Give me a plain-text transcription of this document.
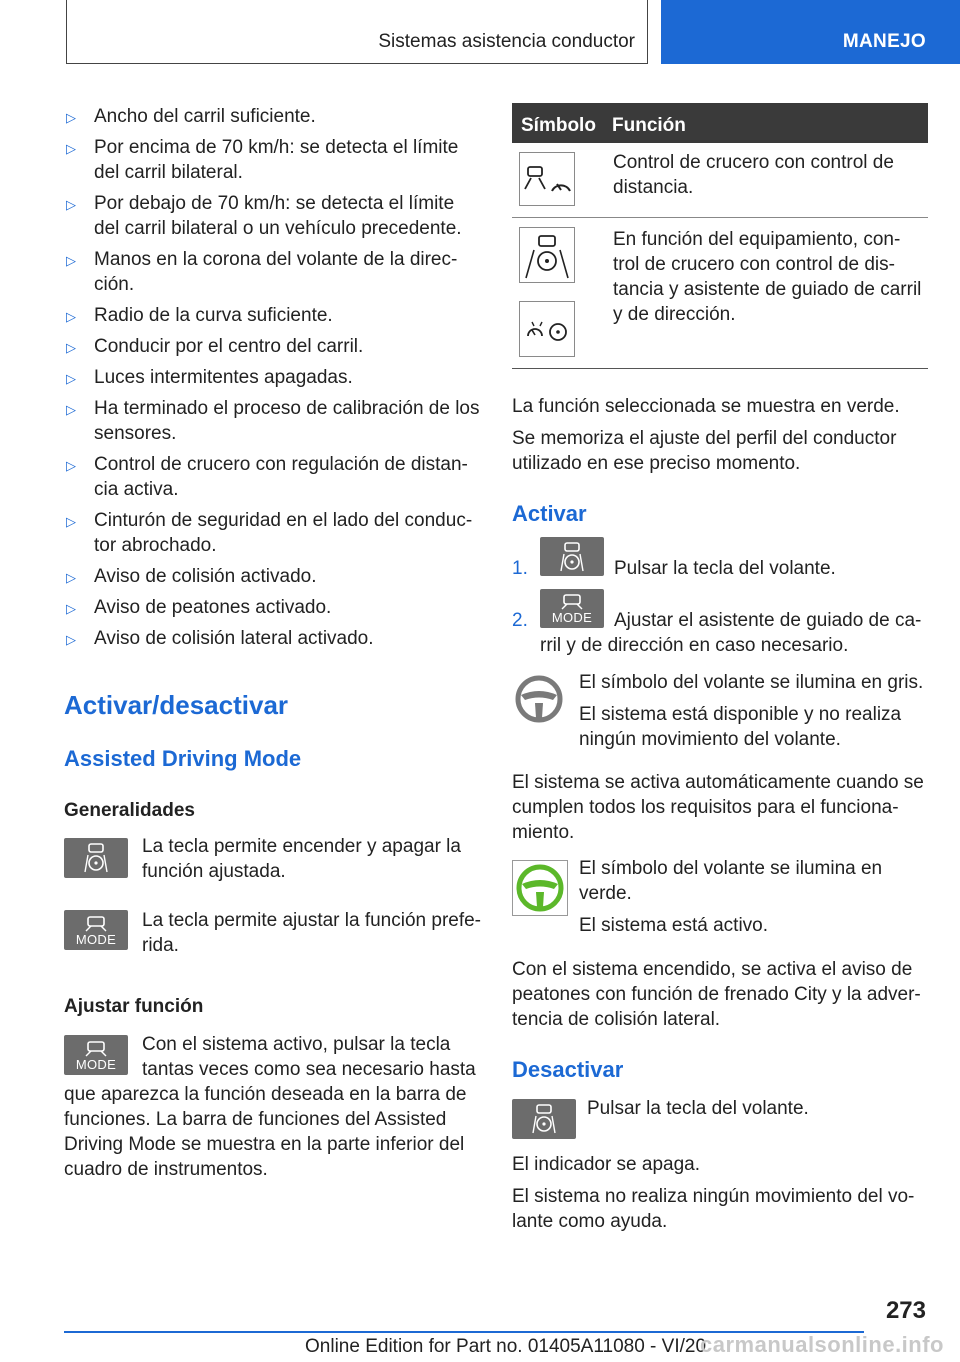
Sistemas asistencia conductor	MANEJO
▷ Ancho del carril suficiente.
▷ Por encima de 70 km/h: se detecta el límite
del carril bilateral.
▷ Por debajo de 70 km/h: se detecta el límite
del carril bilateral o un vehículo precedente.
▷ Manos en la corona del volante de la direc-
ción.
▷ Radio de la curva suficiente.
▷ Conducir por el centro del carril.
▷ Luces intermitentes apagadas.
▷ Ha terminado el proceso de calibración de los
sensores.
▷ Control de crucero con regulación de distan-
cia activa.
▷ Cinturón de seguridad en el lado del conduc-
tor abrochado.
▷ Aviso de colisión activado.
▷ Aviso de peatones activado.
▷ Aviso de colisión lateral activado.
Activar/desactivar
Assisted Driving Mode
Generalidades
La tecla permite encender y apagar la
función ajustada.
MODE
La tecla permite ajustar la función prefe-
rida.
Ajustar función
MODE
Con el sistema activo, pulsar la tecla
tantas veces como sea necesario hasta
que aparezca la función deseada en la barra de
funciones. La barra de funciones del Assisted
Driving Mode se muestra en la parte inferior del
cuadro de instrumentos.
Símbolo Función
Control de crucero con control de
distancia.
En función del equipamiento, con-
trol de crucero con control de dis-
tancia y asistente de guiado de carril
y de dirección.
La función seleccionada se muestra en verde.
Se memoriza el ajuste del perfil del conductor
utilizado en ese preciso momento.
Activar
1.	Pulsar la tecla del volante.
2. MODE Ajustar el asistente de guiado de ca-
rril y de dirección en caso necesario.
El símbolo del volante se ilumina en gris.
El sistema está disponible y no realiza
ningún movimiento del volante.
El sistema se activa automáticamente cuando se
cumplen todos los requisitos para el funciona-
miento.
El símbolo del volante se ilumina en
verde.
El sistema está activo.
Con el sistema encendido, se activa el aviso de
peatones con función de frenado City y la adver-
tencia de colisión lateral.
Desactivar
Pulsar la tecla del volante.
El indicador se apaga.
El sistema no realiza ningún movimiento del vo-
lante como ayuda.
273
Online Edition for Part no. 01405A11080 - VI/20
carmanualsonline.info
